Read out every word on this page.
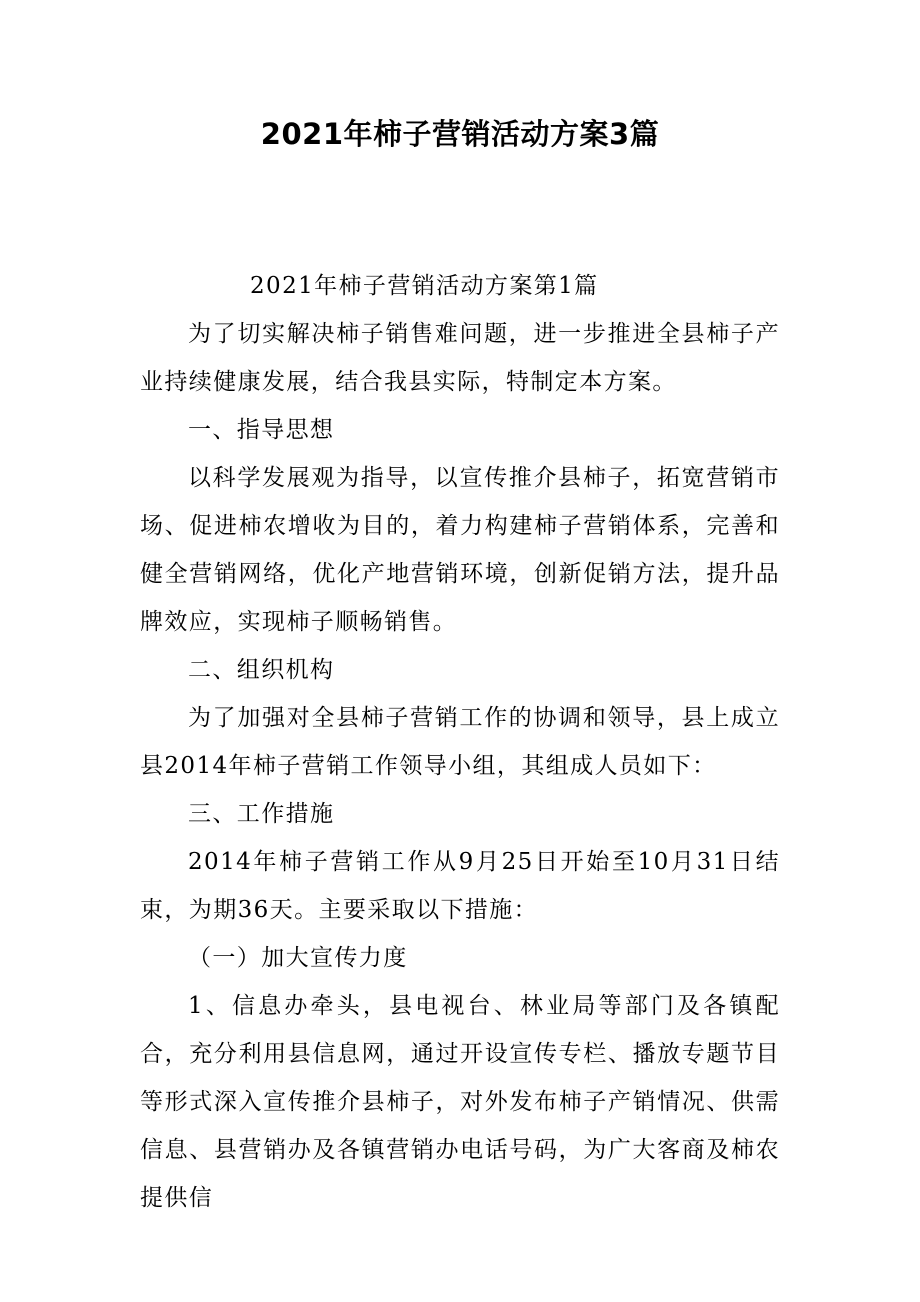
2021年柿子营销活动方案3篇

2021年柿子营销活动方案第1篇

为了切实解决柿子销售难问题，进一步推进全县柿子产业持续健康发展，结合我县实际，特制定本方案。

一、指导思想

以科学发展观为指导，以宣传推介县柿子，拓宽营销市场、促进柿农增收为目的，着力构建柿子营销体系，完善和健全营销网络，优化产地营销环境，创新促销方法，提升品牌效应，实现柿子顺畅销售。

二、组织机构

为了加强对全县柿子营销工作的协调和领导，县上成立县2014年柿子营销工作领导小组，其组成人员如下：

三、工作措施

2014年柿子营销工作从9月25日开始至10月31日结束，为期36天。主要采取以下措施：

（一）加大宣传力度

1、信息办牵头，县电视台、林业局等部门及各镇配合，充分利用县信息网，通过开设宣传专栏、播放专题节目等形式深入宣传推介县柿子，对外发布柿子产销情况、供需信息、县营销办及各镇营销办电话号码，为广大客商及柿农提供信
